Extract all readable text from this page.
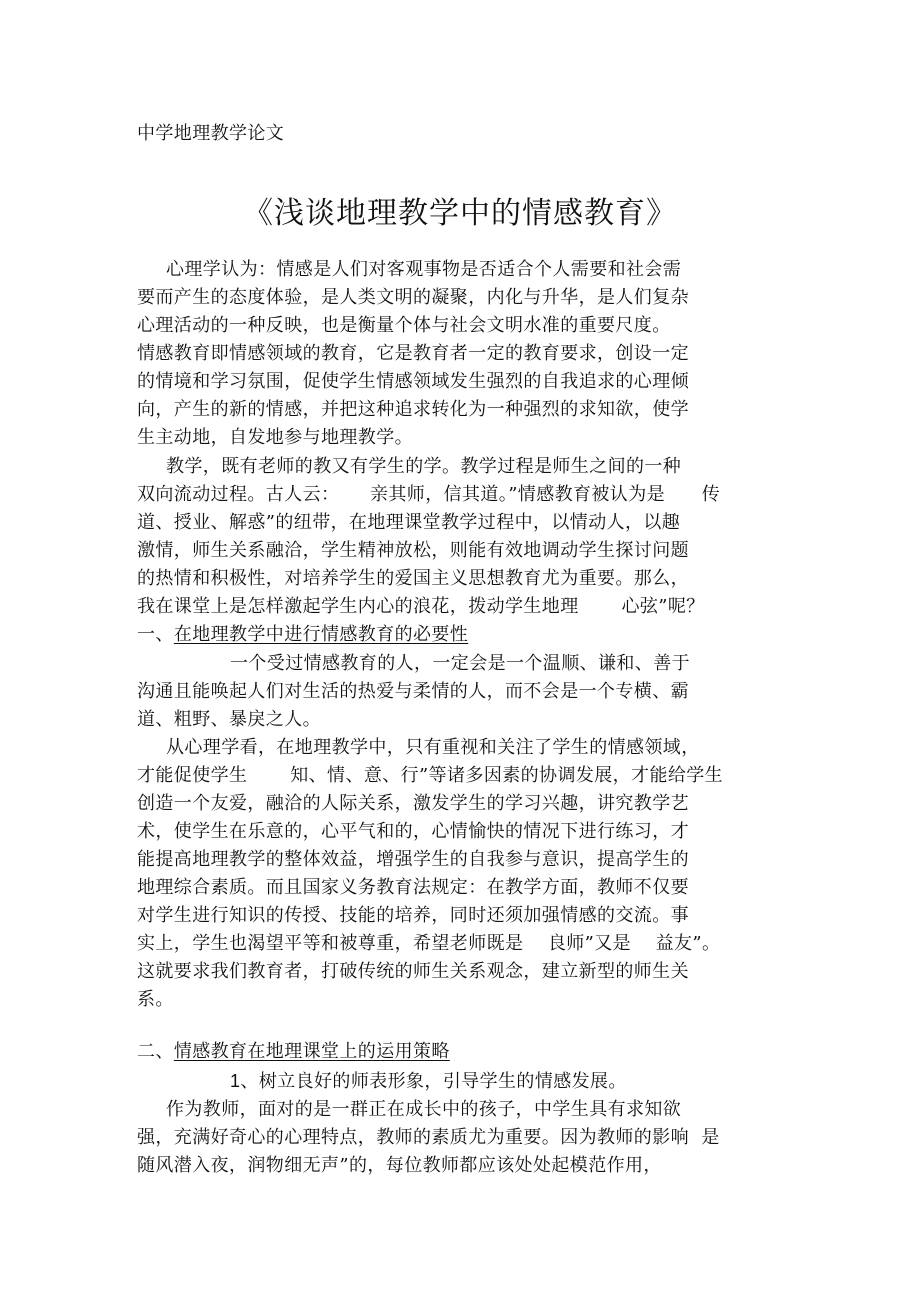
中学地理教学论文

《浅谈地理教学中的情感教育》

心理学认为：情感是人们对客观事物是否适合个人需要和社会需

要而产生的态度体验，是人类文明的凝聚，内化与升华，是人们复杂

心理活动的一种反映，也是衡量个体与社会文明水准的重要尺度。

情感教育即情感领域的教育，它是教育者一定的教育要求，创设一定

的情境和学习氛围，促使学生情感领域发生强烈的自我追求的心理倾

向，产生的新的情感，并把这种追求转化为一种强烈的求知欲，使学

生主动地，自发地参与地理教学。

教学，既有老师的教又有学生的学。教学过程是师生之间的一种

双向流动过程。古人云：     亲其师，信其道。”情感教育被认为是      传

道、授业、解惑”的纽带，在地理课堂教学过程中，以情动人，以趣

激情，师生关系融洽，学生精神放松，则能有效地调动学生探讨问题

的热情和积极性，对培养学生的爱国主义思想教育尤为重要。那么，

我在课堂上是怎样激起学生内心的浪花，拨动学生地理       心弦”呢？

一、在地理教学中进行情感教育的必要性

一个受过情感教育的人，一定会是一个温顺、谦和、善于

沟通且能唤起人们对生活的热爱与柔情的人，而不会是一个专横、霸

道、粗野、暴戾之人。

从心理学看，在地理教学中，只有重视和关注了学生的情感领域，

才能促使学生       知、情、意、行”等诸多因素的协调发展，才能给学生

创造一个友爱，融洽的人际关系，激发学生的学习兴趣，讲究教学艺

术，使学生在乐意的，心平气和的，心情愉快的情况下进行练习，才

能提高地理教学的整体效益，增强学生的自我参与意识，提高学生的

地理综合素质。而且国家义务教育法规定：在教学方面，教师不仅要

对学生进行知识的传授、技能的培养，同时还须加强情感的交流。事

实上，学生也渴望平等和被尊重，希望老师既是    良师”又是    益友”。

这就要求我们教育者，打破传统的师生关系观念，建立新型的师生关

系。

二、情感教育在地理课堂上的运用策略

1、树立良好的师表形象，引导学生的情感发展。

作为教师，面对的是一群正在成长中的孩子，中学生具有求知欲

强，充满好奇心的心理特点，教师的素质尤为重要。因为教师的影响  是

随风潜入夜，润物细无声”的，每位教师都应该处处起模范作用，
